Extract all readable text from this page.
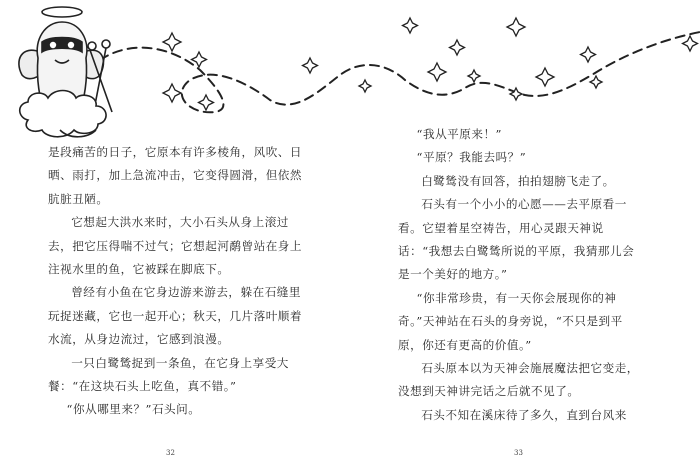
是段痛苦的日子，它原本有许多棱角，风吹、日晒、雨打，加上急流冲击，它变得圆滑，但依然肮脏丑陋。

它想起大洪水来时，大小石头从身上滚过去，把它压得喘不过气；它想起河鹬曾站在身上注视水里的鱼，它被踩在脚底下。

曾经有小鱼在它身边游来游去，躲在石缝里玩捉迷藏，它也一起开心；秋天，几片落叶顺着水流，从身边流过，它感到浪漫。

一只白鹭鸶捉到一条鱼，在它身上享受大餐：“在这块石头上吃鱼，真不错。”

“你从哪里来？”石头问。

“我从平原来！”

“平原？我能去吗？”

白鹭鸶没有回答，拍拍翅膀飞走了。

石头有一个小小的心愿——去平原看一看。它望着星空祷告，用心灵跟天神说话：“我想去白鹭鸶所说的平原，我猜那儿会是一个美好的地方。”

“你非常珍贵，有一天你会展现你的神奇。”天神站在石头的身旁说，“不只是到平原，你还有更高的价值。”

石头原本以为天神会施展魔法把它变走，没想到天神讲完话之后就不见了。

石头不知在溪床待了多久，直到台风来

32	33
